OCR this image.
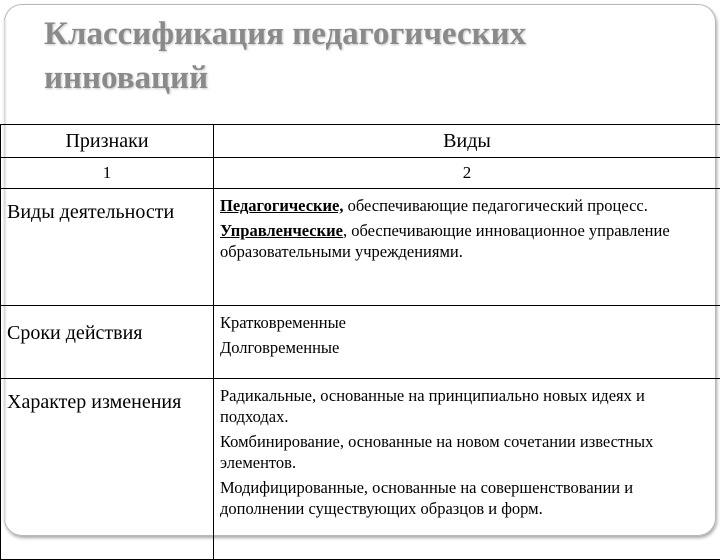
Классификация педагогических
инноваций
Признаки	Виды
1	2
Виды деятельности	Педагогические, обеспечивающие педагогический процесс.

Управленческие, обеспечивающие инновационное управление образовательными учреждениями.

Сроки действия	Кратковременные

Долговременные

Характер изменения	Радикальные, основанные на принципиально новых идеях и подходах.

Комбинирование, основанные на новом сочетании известных элементов.

Модифицированные, основанные на совершенствовании и дополнении существующих образцов и форм.
